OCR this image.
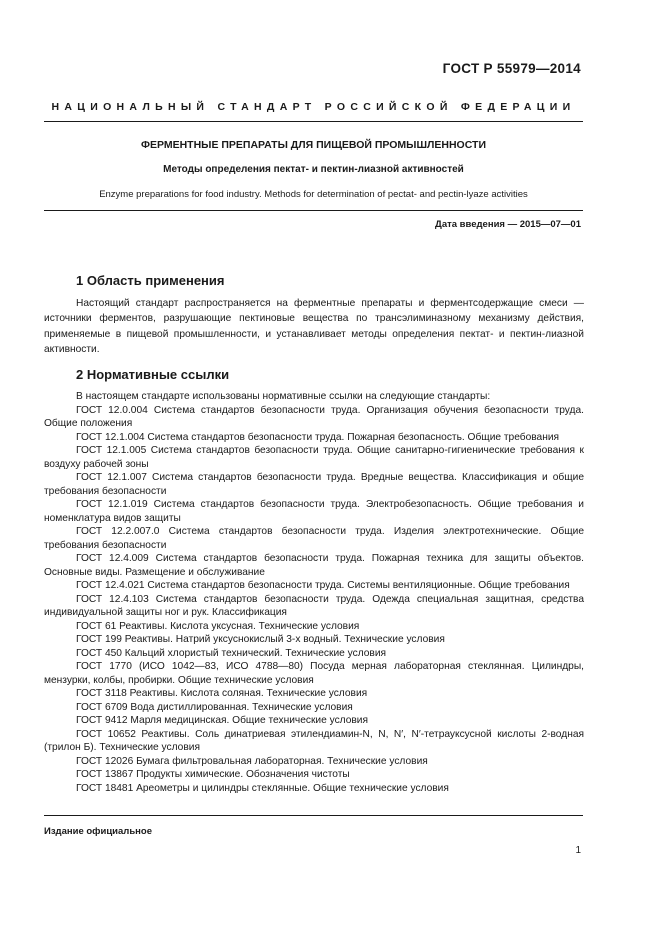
ГОСТ Р 55979—2014
НАЦИОНАЛЬНЫЙ СТАНДАРТ РОССИЙСКОЙ ФЕДЕРАЦИИ
ФЕРМЕНТНЫЕ ПРЕПАРАТЫ ДЛЯ ПИЩЕВОЙ ПРОМЫШЛЕННОСТИ
Методы определения пектат- и пектин-лиазной активностей
Enzyme preparations for food industry. Methods for determination of pectat- and pectin-lyaze activities
Дата введения — 2015—07—01
1 Область применения
Настоящий стандарт распространяется на ферментные препараты и ферментсодержащие смеси — источники ферментов, разрушающие пектиновые вещества по трансэлиминазному механизму действия, применяемые в пищевой промышленности, и устанавливает методы определения пектат- и пектин-лиазной активности.
2 Нормативные ссылки

В настоящем стандарте использованы нормативные ссылки на следующие стандарты:

ГОСТ 12.0.004 Система стандартов безопасности труда. Организация обучения безопасности труда. Общие положения

ГОСТ 12.1.004 Система стандартов безопасности труда. Пожарная безопасность. Общие требования

ГОСТ 12.1.005 Система стандартов безопасности труда. Общие санитарно-гигиенические требования к воздуху рабочей зоны

ГОСТ 12.1.007 Система стандартов безопасности труда. Вредные вещества. Классификация и общие требования безопасности

ГОСТ 12.1.019 Система стандартов безопасности труда. Электробезопасность. Общие требования и номенклатура видов защиты

ГОСТ 12.2.007.0 Система стандартов безопасности труда. Изделия электротехнические. Общие требования безопасности

ГОСТ 12.4.009 Система стандартов безопасности труда. Пожарная техника для защиты объектов. Основные виды. Размещение и обслуживание

ГОСТ 12.4.021 Система стандартов безопасности труда. Системы вентиляционные. Общие требования

ГОСТ 12.4.103 Система стандартов безопасности труда. Одежда специальная защитная, средства индивидуальной защиты ног и рук. Классификация

ГОСТ 61 Реактивы. Кислота уксусная. Технические условия

ГОСТ 199 Реактивы. Натрий уксуснокислый 3-х водный. Технические условия

ГОСТ 450 Кальций хлористый технический. Технические условия

ГОСТ 1770 (ИСО 1042—83, ИСО 4788—80) Посуда мерная лабораторная стеклянная. Цилиндры, мензурки, колбы, пробирки. Общие технические условия

ГОСТ 3118 Реактивы. Кислота соляная. Технические условия

ГОСТ 6709 Вода дистиллированная. Технические условия

ГОСТ 9412 Марля медицинская. Общие технические условия

ГОСТ 10652 Реактивы. Соль динатриевая этилендиамин-N, N, N′, N′-тетрауксусной кислоты 2-водная (трилон Б). Технические условия

ГОСТ 12026 Бумага фильтровальная лабораторная. Технические условия

ГОСТ 13867 Продукты химические. Обозначения чистоты

ГОСТ 18481 Ареометры и цилиндры стеклянные. Общие технические условия

Издание официальное
1
